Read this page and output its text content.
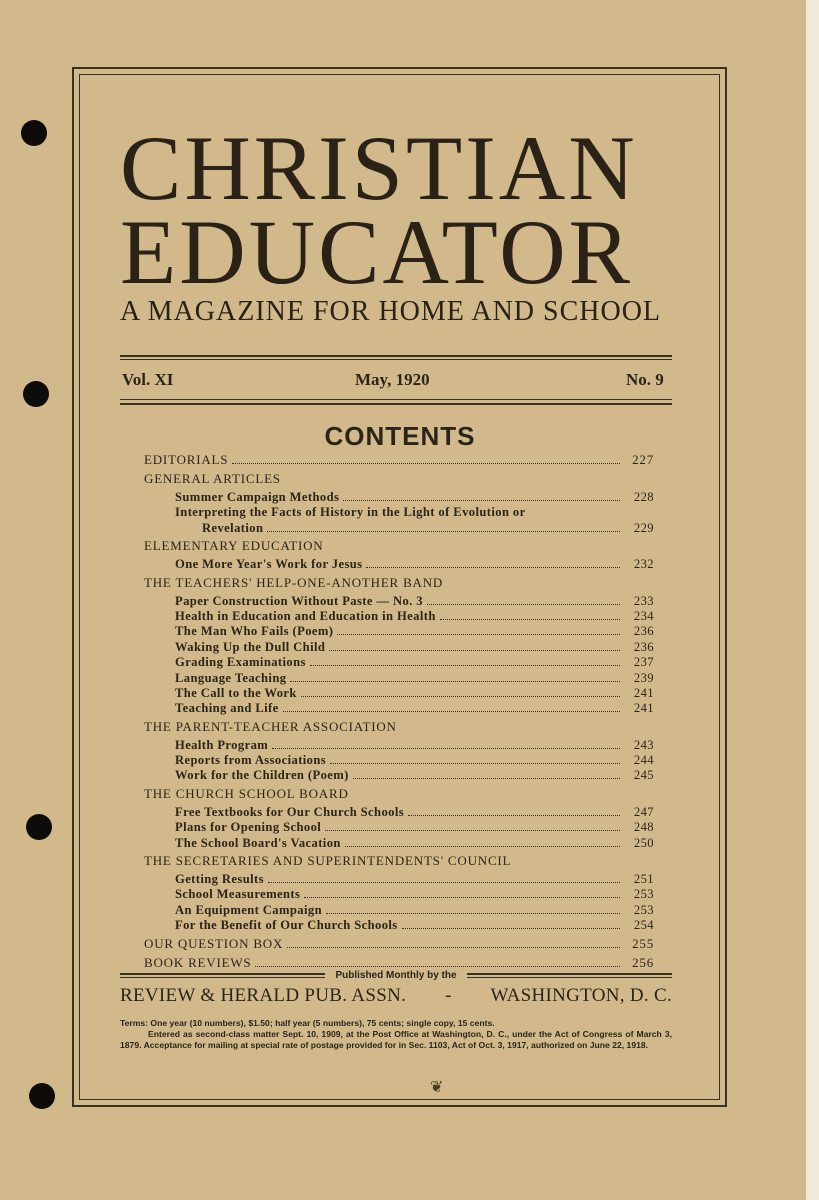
CHRISTIAN
EDUCATOR
A MAGAZINE FOR HOME AND SCHOOL
Vol. XI	May, 1920	No. 9
CONTENTS
EDITORIALS	227
GENERAL ARTICLES
Summer Campaign Methods	228
Interpreting the Facts of History in the Light of Evolution or
Revelation	229
ELEMENTARY EDUCATION
One More Year's Work for Jesus	232
THE TEACHERS' HELP-ONE-ANOTHER BAND
Paper Construction Without Paste — No. 3	233
Health in Education and Education in Health	234
The Man Who Fails (Poem)	236
Waking Up the Dull Child	236
Grading Examinations	237
Language Teaching	239
The Call to the Work	241
Teaching and Life	241
THE PARENT-TEACHER ASSOCIATION
Health Program	243
Reports from Associations	244
Work for the Children (Poem)	245
THE CHURCH SCHOOL BOARD
Free Textbooks for Our Church Schools	247
Plans for Opening School	248
The School Board's Vacation	250
THE SECRETARIES AND SUPERINTENDENTS' COUNCIL
Getting Results	251
School Measurements	253
An Equipment Campaign	253
For the Benefit of Our Church Schools	254
OUR QUESTION BOX	255
BOOK REVIEWS	256
Published Monthly by the
REVIEW & HERALD PUB. ASSN. - WASHINGTON, D. C.

Terms: One year (10 numbers), $1.50; half year (5 numbers), 75 cents; single copy, 15 cents.

Entered as second-class matter Sept. 10, 1909, at the Post Office at Washington, D. C., under the Act of Congress of March 3, 1879. Acceptance for mailing at special rate of postage provided for in Sec. 1103, Act of Oct. 3, 1917, authorized on June 22, 1918.

❦
